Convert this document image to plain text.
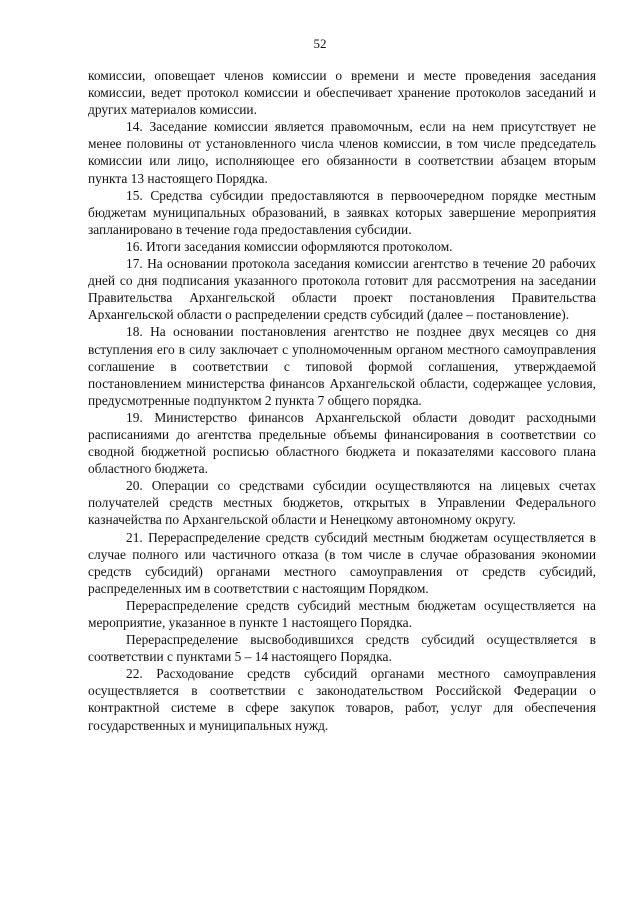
52

комиссии, оповещает членов комиссии о времени и месте проведения заседания комиссии, ведет протокол комиссии и обеспечивает хранение протоколов заседаний и других материалов комиссии.

14. Заседание комиссии является правомочным, если на нем присутствует не менее половины от установленного числа членов комиссии, в том числе председатель комиссии или лицо, исполняющее его обязанности в соответствии абзацем вторым пункта 13 настоящего Порядка.

15. Средства субсидии предоставляются в первоочередном порядке местным бюджетам муниципальных образований, в заявках которых завершение мероприятия запланировано в течение года предоставления субсидии.

16. Итоги заседания комиссии оформляются протоколом.

17. На основании протокола заседания комиссии агентство в течение 20 рабочих дней со дня подписания указанного протокола готовит для рассмотрения на заседании Правительства Архангельской области проект постановления Правительства Архангельской области о распределении средств субсидий (далее – постановление).

18. На основании постановления агентство не позднее двух месяцев со дня вступления его в силу заключает с уполномоченным органом местного самоуправления соглашение в соответствии с типовой формой соглашения, утверждаемой постановлением министерства финансов Архангельской области, содержащее условия, предусмотренные подпунктом 2 пункта 7 общего порядка.

19. Министерство финансов Архангельской области доводит расходными расписаниями до агентства предельные объемы финансирования в соответствии со сводной бюджетной росписью областного бюджета и показателями кассового плана областного бюджета.

20. Операции со средствами субсидии осуществляются на лицевых счетах получателей средств местных бюджетов, открытых в Управлении Федерального казначейства по Архангельской области и Ненецкому автономному округу.

21. Перераспределение средств субсидий местным бюджетам осуществляется в случае полного или частичного отказа (в том числе в случае образования экономии средств субсидий) органами местного самоуправления от средств субсидий, распределенных им в соответствии с настоящим Порядком.

Перераспределение средств субсидий местным бюджетам осуществляется на мероприятие, указанное в пункте 1 настоящего Порядка.

Перераспределение высвободившихся средств субсидий осуществляется в соответствии с пунктами 5 – 14 настоящего Порядка.

22. Расходование средств субсидий органами местного самоуправления осуществляется в соответствии с законодательством Российской Федерации о контрактной системе в сфере закупок товаров, работ, услуг для обеспечения государственных и муниципальных нужд.
